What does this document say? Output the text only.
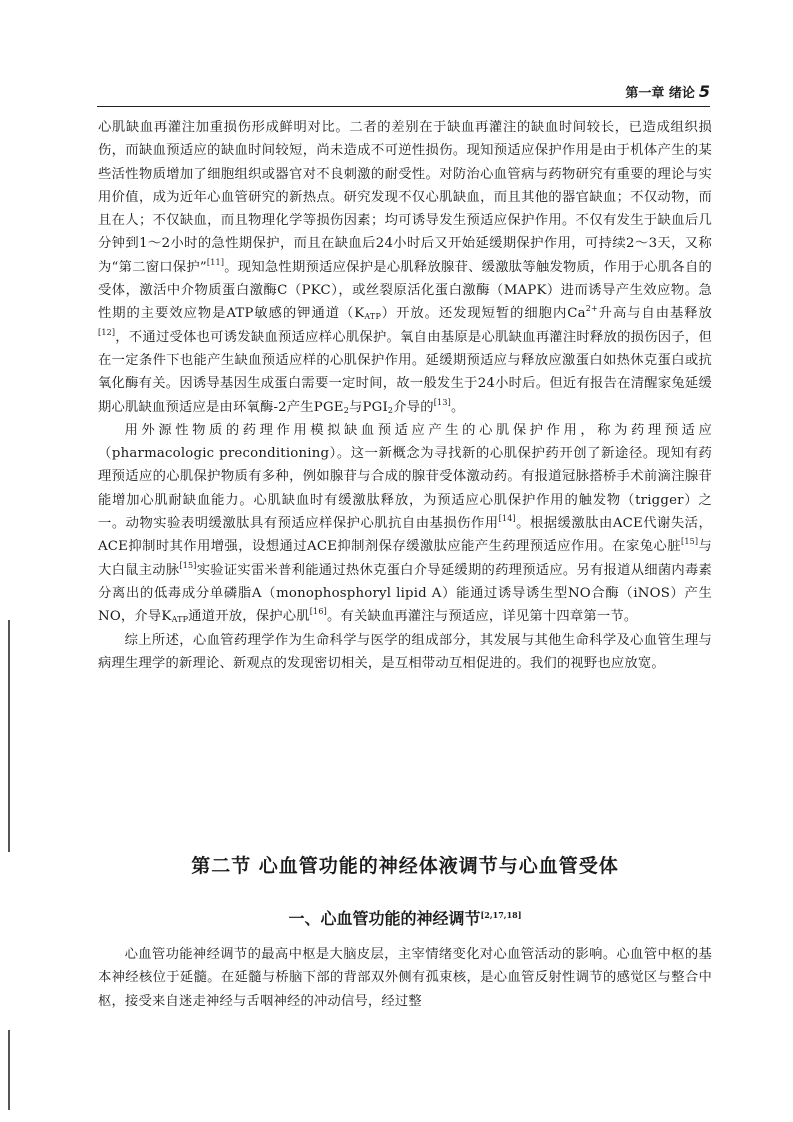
第一章 绪论 5

心肌缺血再灌注加重损伤形成鲜明对比。二者的差别在于缺血再灌注的缺血时间较长，已造成组织损伤，而缺血预适应的缺血时间较短，尚未造成不可逆性损伤。现知预适应保护作用是由于机体产生的某些活性物质增加了细胞组织或器官对不良刺激的耐受性。对防治心血管病与药物研究有重要的理论与实用价值，成为近年心血管研究的新热点。研究发现不仅心肌缺血，而且其他的器官缺血；不仅动物，而且在人；不仅缺血，而且物理化学等损伤因素；均可诱导发生预适应保护作用。不仅有发生于缺血后几分钟到1～2小时的急性期保护，而且在缺血后24小时后又开始延缓期保护作用，可持续2～3天，又称为“第二窗口保护”[11]。现知急性期预适应保护是心肌释放腺苷、缓激肽等触发物质，作用于心肌各自的受体，激活中介物质蛋白激酶C（PKC），或丝裂原活化蛋白激酶（MAPK）进而诱导产生效应物。急性期的主要效应物是ATP敏感的钾通道$(K_{ATP})$开放。还发现短暂的细胞内$Ca^{2+}$升高与自由基释放[12]，不通过受体也可诱发缺血预适应样心肌保护。氧自由基原是心肌缺血再灌注时释放的损伤因子，但在一定条件下也能产生缺血预适应样的心肌保护作用。延缓期预适应与释放应激蛋白如热休克蛋白或抗氧化酶有关。因诱导基因生成蛋白需要一定时间，故一般发生于24小时后。但近有报告在清醒家兔延缓期心肌缺血预适应是由环氧酶-2产生$PGE_2$与$PGI_2$介导的[13]。

用外源性物质的药理作用模拟缺血预适应产生的心肌保护作用，称为药理预适应（pharmacologic preconditioning）。这一新概念为寻找新的心肌保护药开创了新途径。现知有药理预适应的心肌保护物质有多种，例如腺苷与合成的腺苷受体激动药。有报道冠脉搭桥手术前滴注腺苷能增加心肌耐缺血能力。心肌缺血时有缓激肽释放，为预适应心肌保护作用的触发物（trigger）之一。动物实验表明缓激肽具有预适应样保护心肌抗自由基损伤作用[14]。根据缓激肽由ACE代谢失活，ACE抑制时其作用增强，设想通过ACE抑制剂保存缓激肽应能产生药理预适应作用。在家兔心脏[15]与大白鼠主动脉[15]实验证实雷米普利能通过热休克蛋白介导延缓期的药理预适应。另有报道从细菌内毒素分离出的低毒成分单磷脂A（monophosphoryl lipid A）能通过诱导诱生型NO合酶（iNOS）产生NO，介导$K_{ATP}$通道开放，保护心肌[16]。有关缺血再灌注与预适应，详见第十四章第一节。

综上所述，心血管药理学作为生命科学与医学的组成部分，其发展与其他生命科学及心血管生理与病理生理学的新理论、新观点的发现密切相关，是互相带动互相促进的。我们的视野也应放宽。

第二节 心血管功能的神经体液调节与心血管受体
一、心血管功能的神经调节[2,17,18]

心血管功能神经调节的最高中枢是大脑皮层，主宰情绪变化对心血管活动的影响。心血管中枢的基本神经核位于延髓。在延髓与桥脑下部的背部双外侧有孤束核，是心血管反射性调节的感觉区与整合中枢，接受来自迷走神经与舌咽神经的冲动信号，经过整
